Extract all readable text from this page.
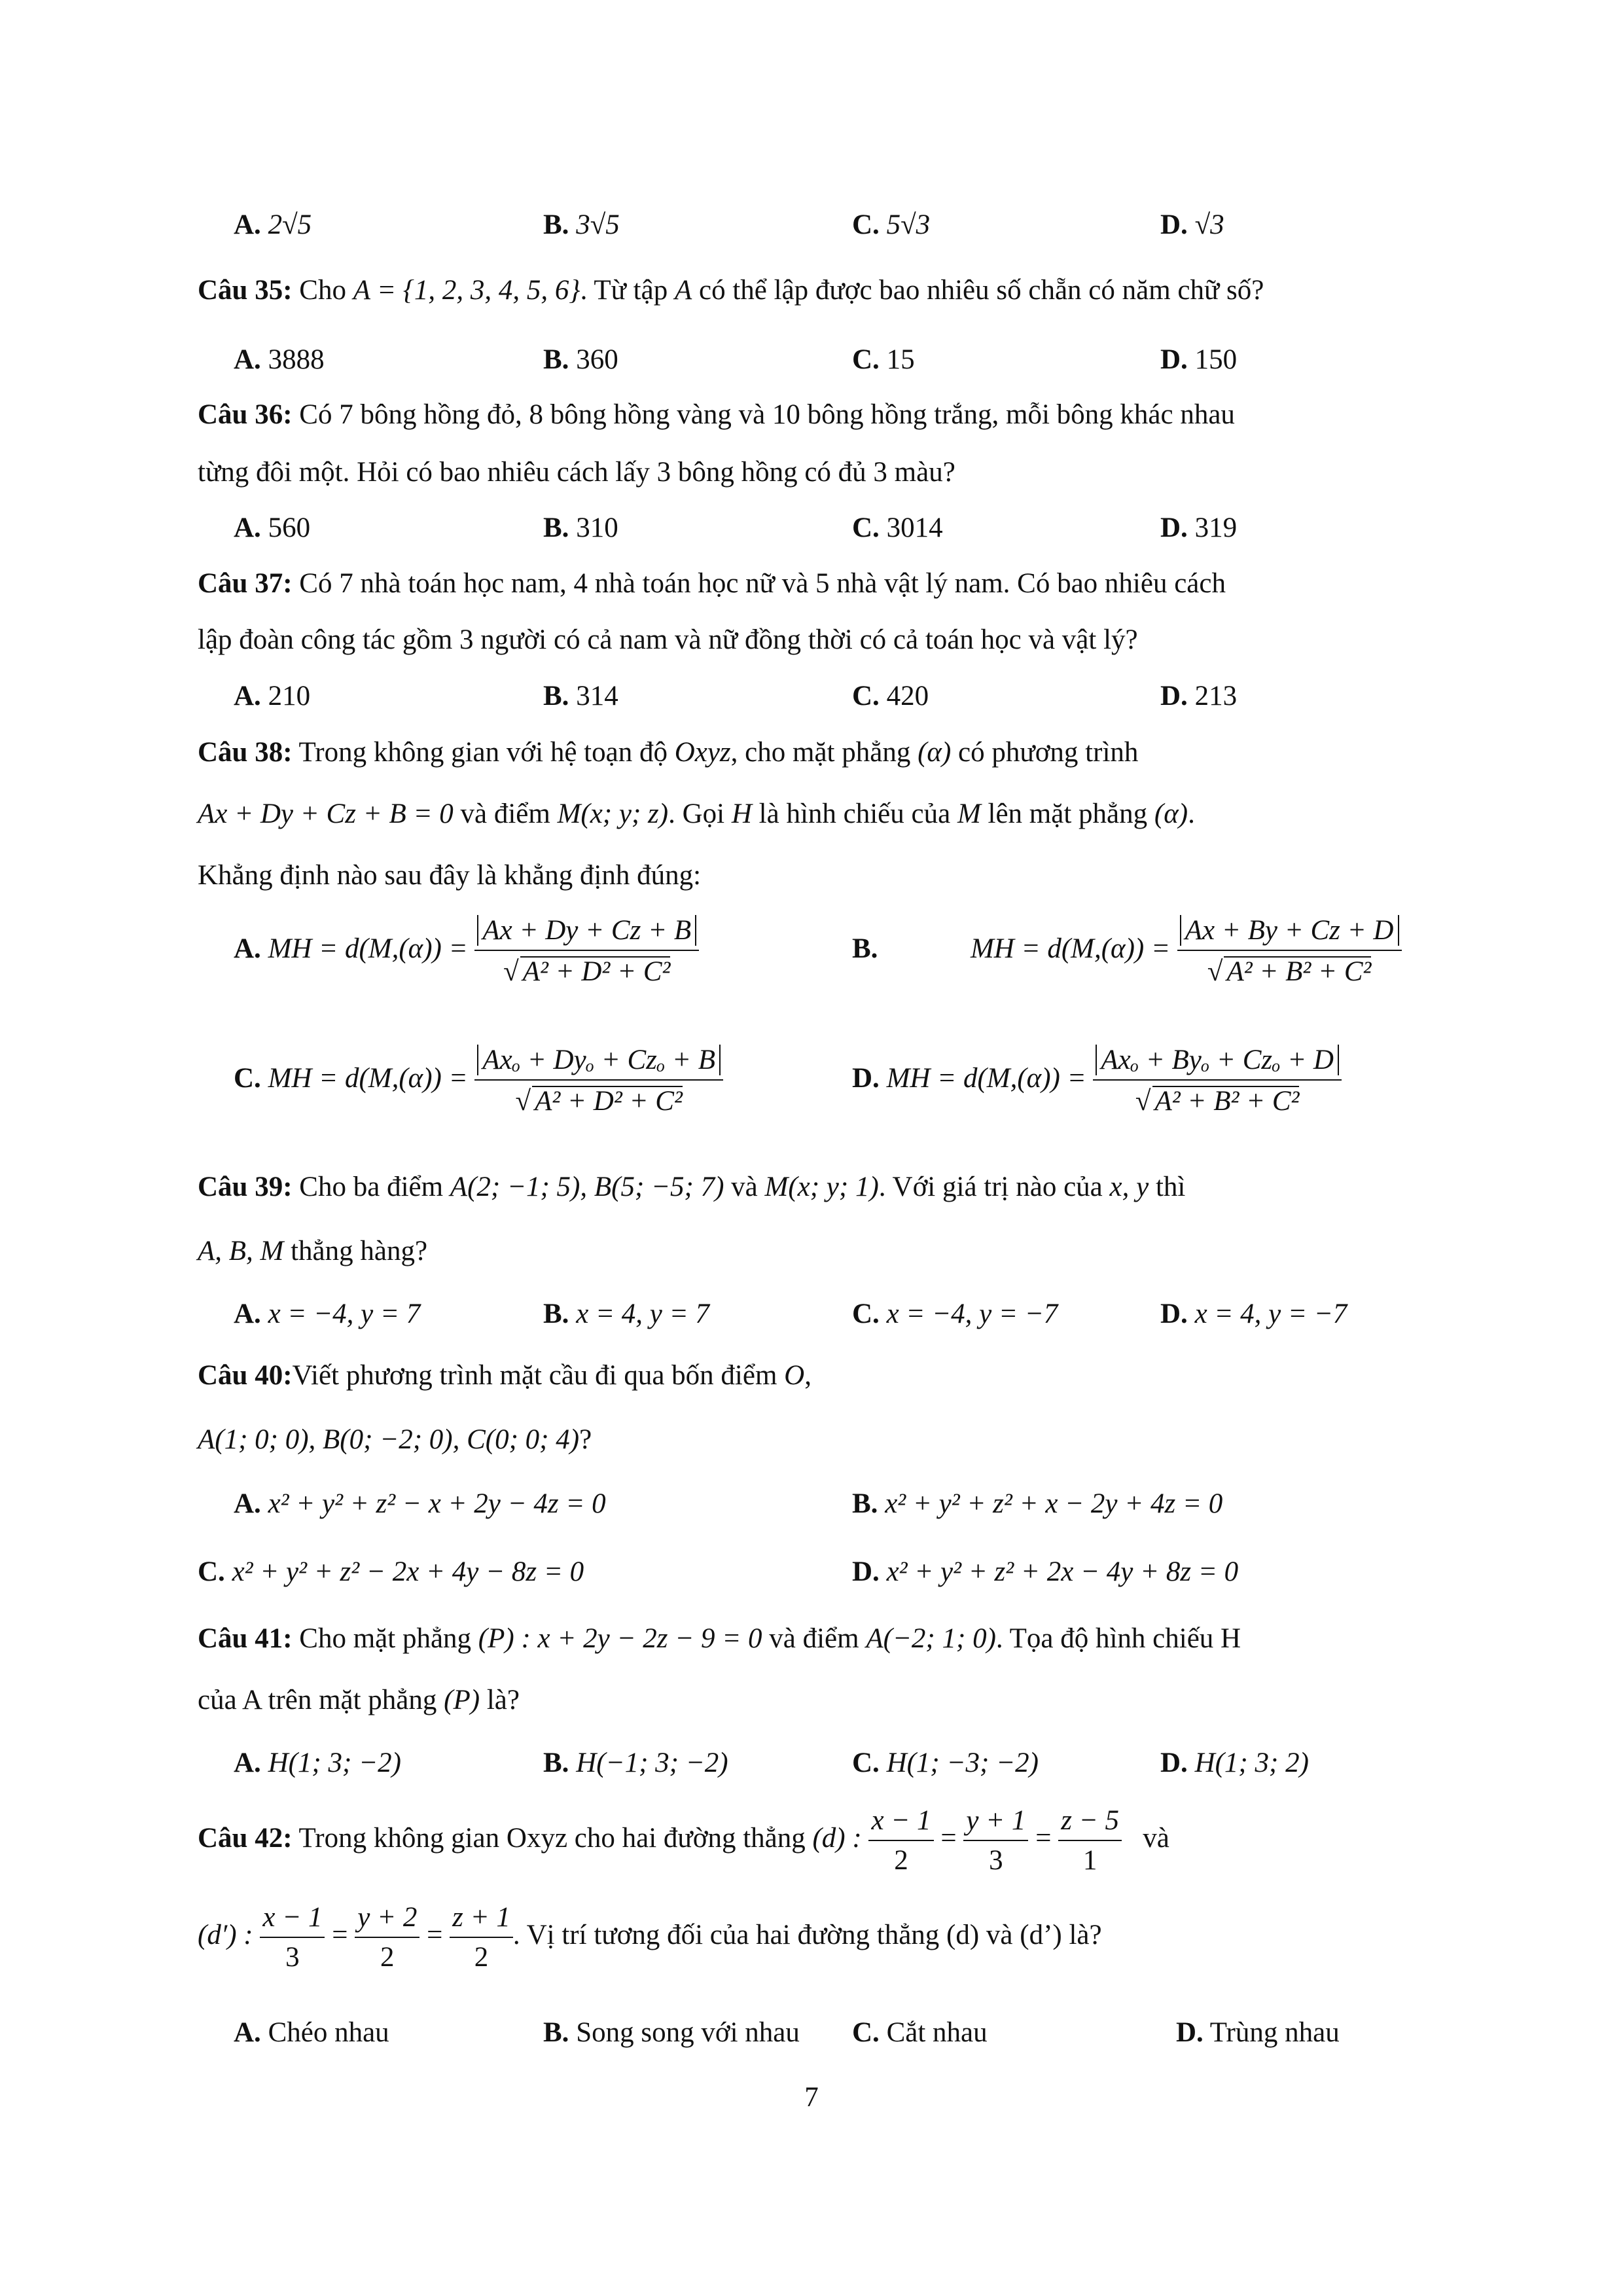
A. 2√5	B. 3√5	C. 5√3	D. √3
Câu 35: Cho A = {1, 2, 3, 4, 5, 6}. Từ tập A có thể lập được bao nhiêu số chẵn có năm chữ số?
A. 3888	B. 360	C. 15	D. 150
Câu 36: Có 7 bông hồng đỏ, 8 bông hồng vàng và 10 bông hồng trắng, mỗi bông khác nhau
từng đôi một. Hỏi có bao nhiêu cách lấy 3 bông hồng có đủ 3 màu?
A. 560	B. 310	C. 3014	D. 319
Câu 37: Có 7 nhà toán học nam, 4 nhà toán học nữ và 5 nhà vật lý nam. Có bao nhiêu cách
lập đoàn công tác gồm 3 người có cả nam và nữ đồng thời có cả toán học và vật lý?
A. 210	B. 314	C. 420	D. 213
Câu 38: Trong không gian với hệ toạn độ Oxyz, cho mặt phẳng (α) có phương trình
Ax + Dy + Cz + B = 0 và điểm M(x; y; z). Gọi H là hình chiếu của M lên mặt phẳng (α).
Khẳng định nào sau đây là khẳng định đúng:
A. MH = $d(M,(\alpha)) = \frac{Ax + Dy + Cz + B}{\text{√ A² + D² + C²}}$	B.	MH = $d(M,(\alpha)) = \frac{Ax + By + Cz + D}{\text{√ A² + B² + C²}}$
C. MH = $d(M,(\alpha)) = \frac{\text{Axₒ + Dyₒ + Czₒ + B}}{\text{√ A² + D² + C²}}$	D. MH = $d(M,(\alpha)) = \frac{\text{Axₒ + Byₒ + Czₒ + D}}{\text{√ A² + B² + C²}}$
Câu 39: Cho ba điểm A(2; −1; 5), B(5; −5; 7) và M(x; y; 1). Với giá trị nào của x, y thì
A, B, M thẳng hàng?
A. x = −4, y = 7	B. x = 4, y = 7	C. x = −4, y = −7	D. x = 4, y = −7
Câu 40:Viết phương trình mặt cầu đi qua bốn điểm O,
A(1; 0; 0), B(0; −2; 0), C(0; 0; 4)?
A. x² + y² + z² − x + 2y − 4z = 0	B. x² + y² + z² + x − 2y + 4z = 0
C. x² + y² + z² − 2x + 4y − 8z = 0	D. x² + y² + z² + 2x − 4y + 8z = 0
Câu 41: Cho mặt phẳng (P) : x + 2y − 2z − 9 = 0 và điểm A(−2; 1; 0). Tọa độ hình chiếu H
của A trên mặt phẳng (P) là?
A. H(1; 3; −2)	B. H(−1; 3; −2)	C. H(1; −3; −2)	D. H(1; 3; 2)
Câu 42: Trong không gian Oxyz cho hai đường thẳng (d) : $\frac{x - 1}{2} = \frac{y + 1}{3} = \frac{z - 5}{1}$ và
(d′) : $\frac{x - 1}{3} = \frac{y + 2}{2} = \frac{z + 1}{2}$ . Vị trí tương đối của hai đường thẳng (d) và (d’) là?
A. Chéo nhau	B. Song song với nhau C. Cắt nhau	D. Trùng nhau
7
